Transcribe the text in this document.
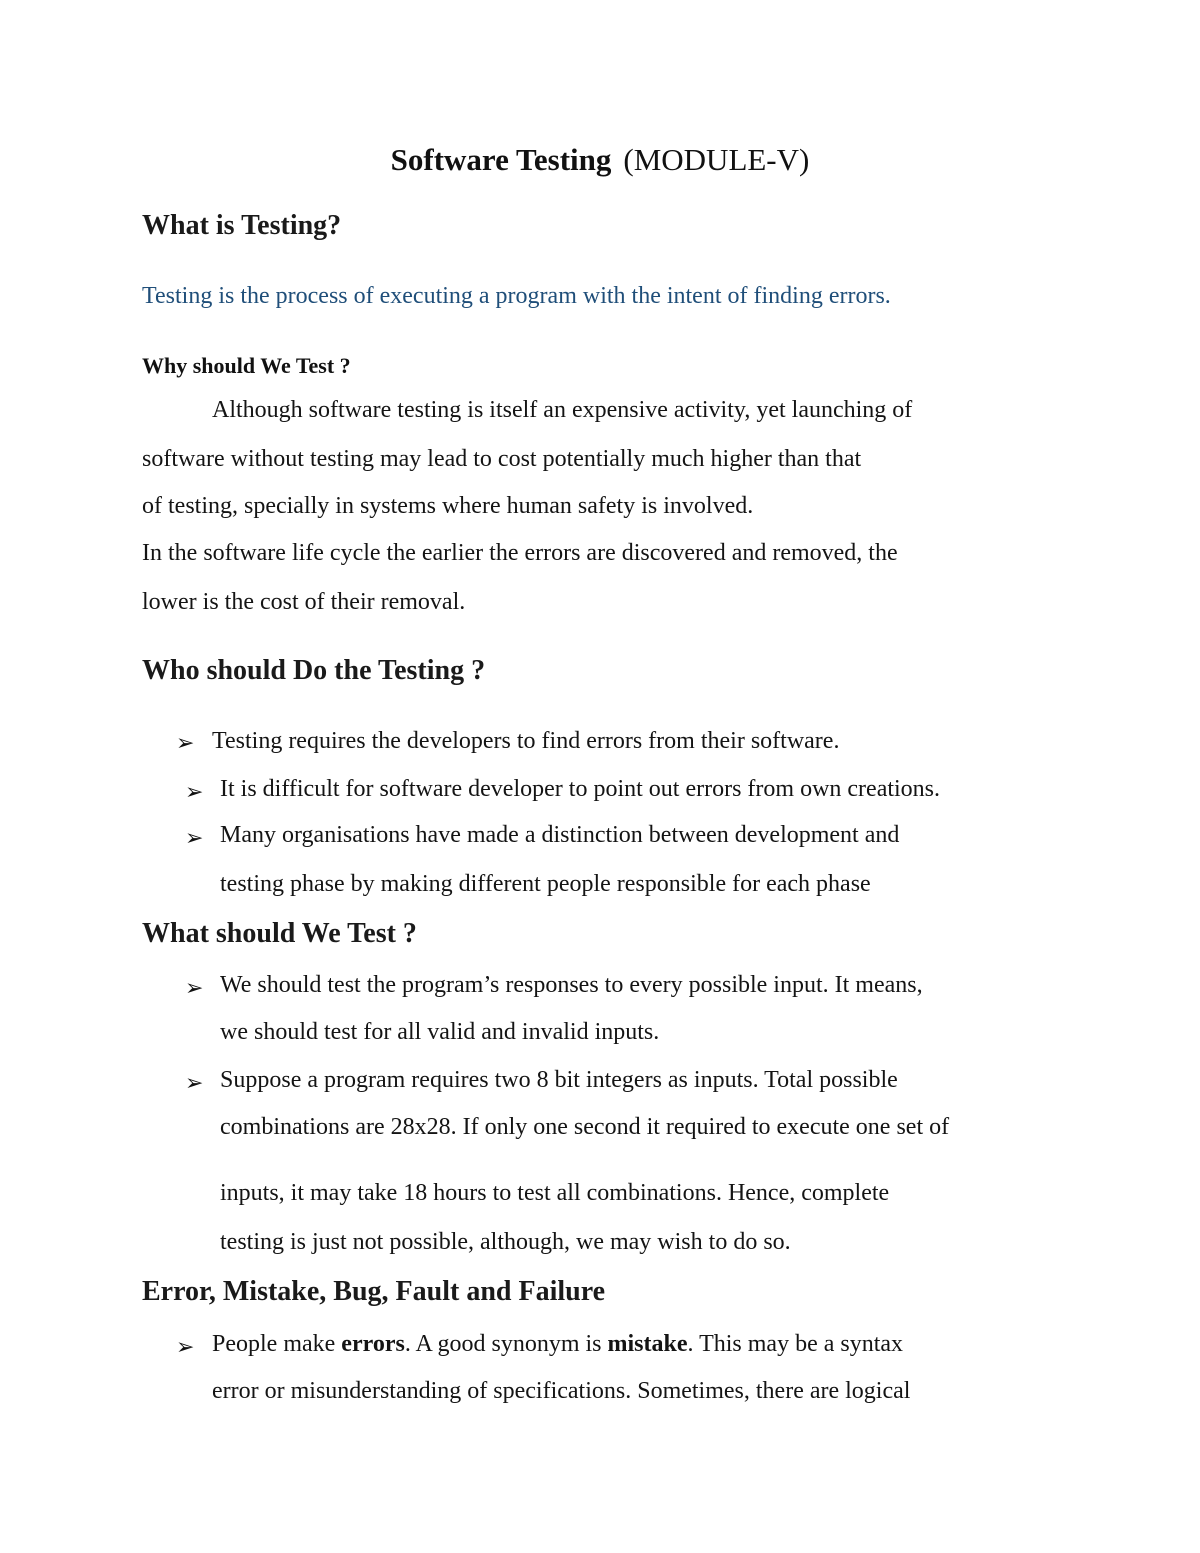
Software Testing (MODULE-V)
What is Testing?
Testing is the process of executing a program with the intent of finding errors.
Why should We Test ?
Although software testing is itself an expensive activity, yet launching of
software without testing may lead to cost potentially much higher than that
of testing, specially in systems where human safety is involved.
In the software life cycle the earlier the errors are discovered and removed, the
lower is the cost of their removal.
Who should Do the Testing ?
➢ Testing requires the developers to find errors from their software.
➢ It is difficult for software developer to point out errors from own creations.
➢ Many organisations have made a distinction between development and
testing phase by making different people responsible for each phase
What should We Test ?
➢ We should test the program’s responses to every possible input. It means,
we should test for all valid and invalid inputs.
➢ Suppose a program requires two 8 bit integers as inputs. Total possible
combinations are 28x28. If only one second it required to execute one set of
inputs, it may take 18 hours to test all combinations. Hence, complete
testing is just not possible, although, we may wish to do so.
Error, Mistake, Bug, Fault and Failure
➢ People make errors. A good synonym is mistake. This may be a syntax
error or misunderstanding of specifications. Sometimes, there are logical
